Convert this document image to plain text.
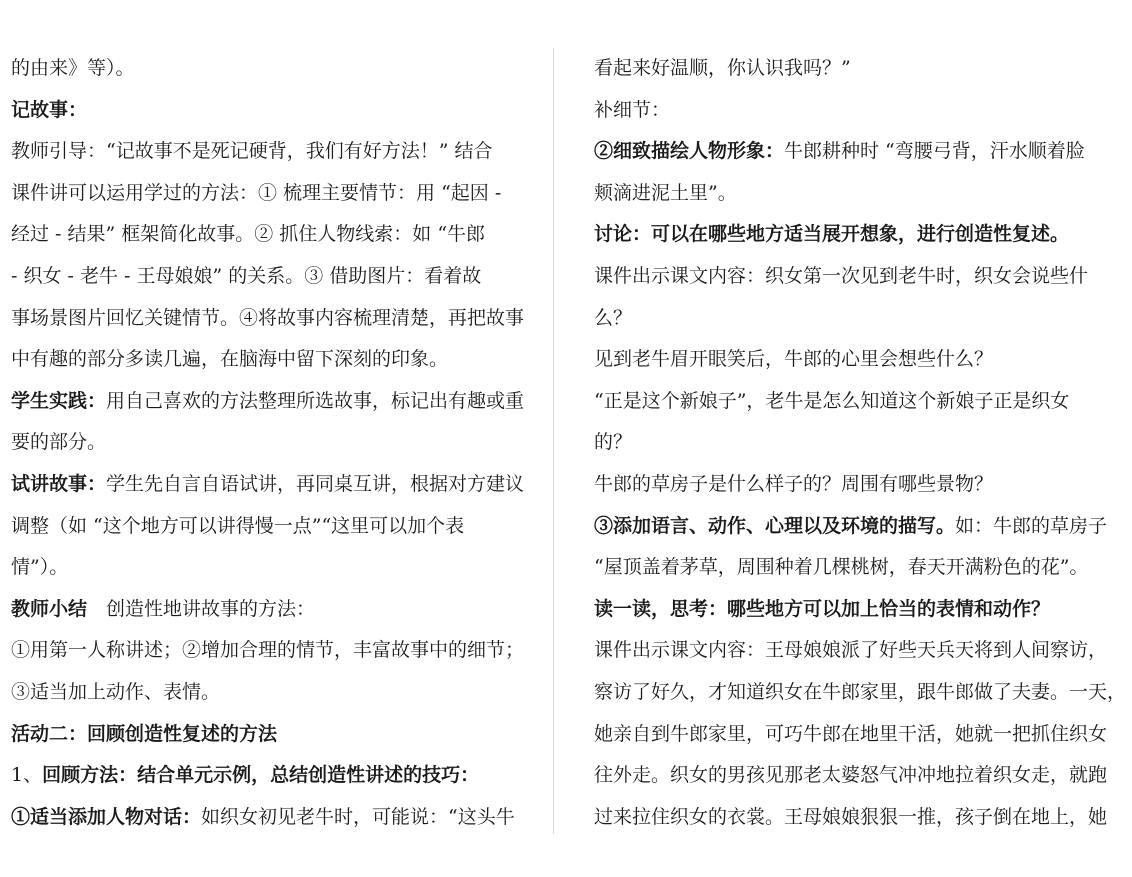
的由来》等）。
记故事：
教师引导：“记故事不是死记硬背，我们有好方法！” 结合
课件讲可以运用学过的方法：① 梳理主要情节：用 “起因 -
经过 - 结果” 框架简化故事。② 抓住人物线索：如 “牛郎
- 织女 - 老牛 - 王母娘娘” 的关系。③ 借助图片：看着故
事场景图片回忆关键情节。④将故事内容梳理清楚，再把故事
中有趣的部分多读几遍，在脑海中留下深刻的印象。
学生实践：用自己喜欢的方法整理所选故事，标记出有趣或重
要的部分。
试讲故事：学生先自言自语试讲，再同桌互讲，根据对方建议
调整（如 “这个地方可以讲得慢一点”“这里可以加个表
情”）。
教师小结　创造性地讲故事的方法：
①用第一人称讲述；②增加合理的情节，丰富故事中的细节；
③适当加上动作、表情。
活动二：回顾创造性复述的方法
1、回顾方法：结合单元示例，总结创造性讲述的技巧：
①适当添加人物对话：如织女初见老牛时，可能说：“这头牛
看起来好温顺，你认识我吗？”
补细节：
②细致描绘人物形象：牛郎耕种时 “弯腰弓背，汗水顺着脸
颊滴进泥土里”。
讨论：可以在哪些地方适当展开想象，进行创造性复述。
课件出示课文内容：织女第一次见到老牛时，织女会说些什
么？
见到老牛眉开眼笑后，牛郎的心里会想些什么？
“正是这个新娘子”，老牛是怎么知道这个新娘子正是织女
的？
牛郎的草房子是什么样子的？周围有哪些景物？
③添加语言、动作、心理以及环境的描写。如：牛郎的草房子
“屋顶盖着茅草，周围种着几棵桃树，春天开满粉色的花”。
读一读，思考：哪些地方可以加上恰当的表情和动作？
课件出示课文内容：王母娘娘派了好些天兵天将到人间察访，
察访了好久，才知道织女在牛郎家里，跟牛郎做了夫妻。一天，
她亲自到牛郎家里，可巧牛郎在地里干活，她就一把抓住织女
往外走。织女的男孩见那老太婆怒气冲冲地拉着织女走，就跑
过来拉住织女的衣裳。王母娘娘狠狠一推，孩子倒在地上，她
